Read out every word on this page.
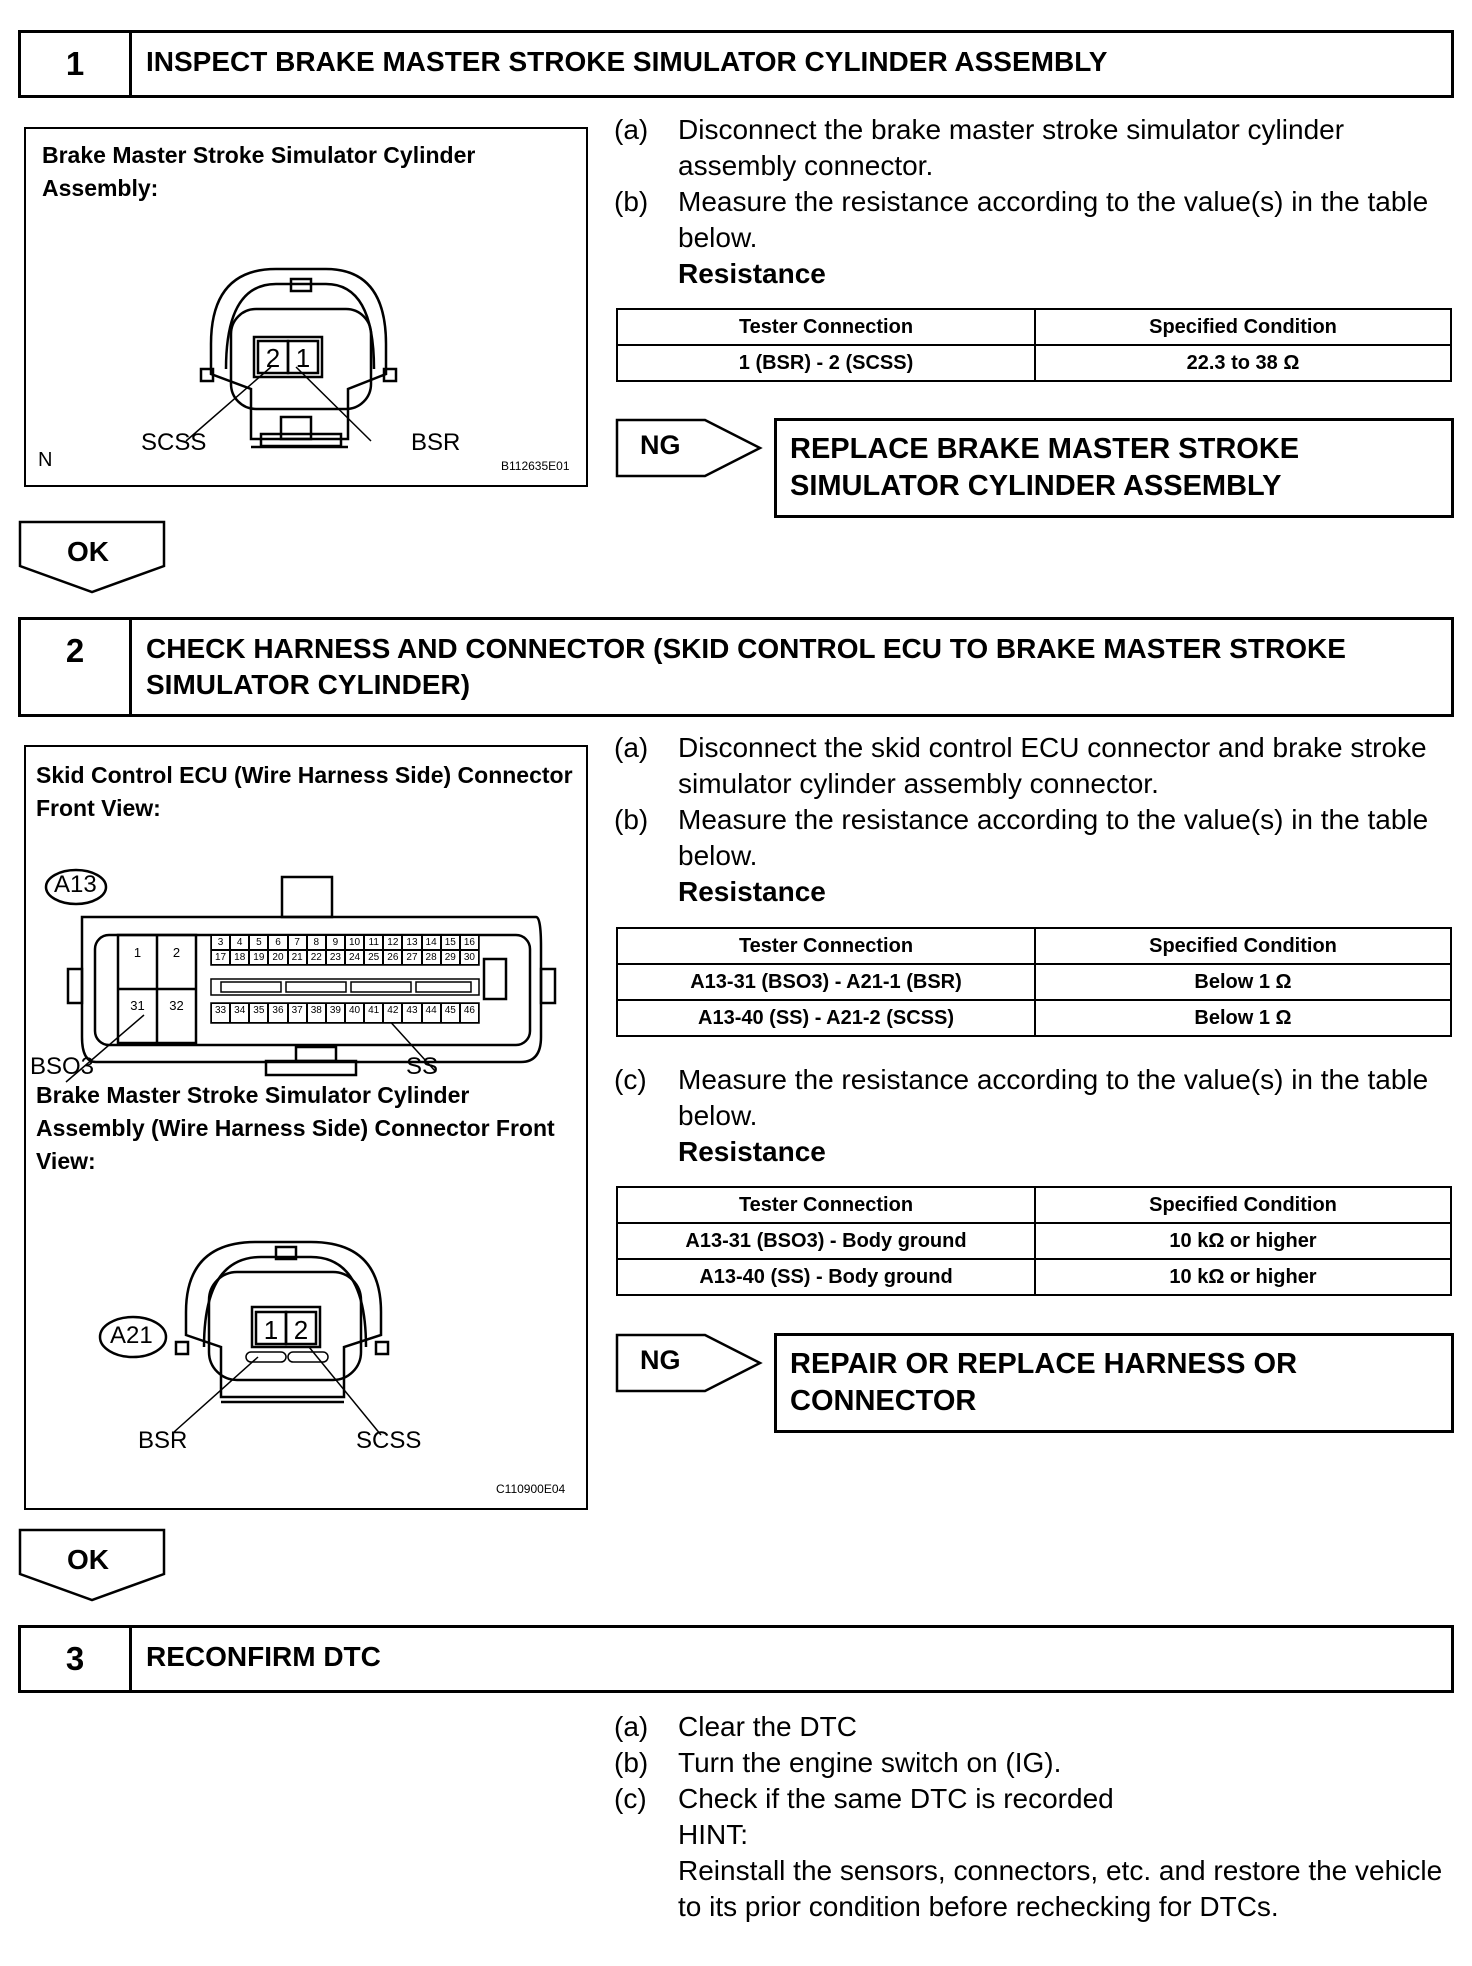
1	INSPECT BRAKE MASTER STROKE SIMULATOR CYLINDER ASSEMBLY
Brake Master Stroke Simulator Cylinder Assembly:
2 1
SCSS	BSR
N	B112635E01
(a)	Disconnect the brake master stroke simulator cylinder assembly connector.
(b)	Measure the resistance according to the value(s) in the table below.
Resistance
Tester Connection	Specified Condition
1 (BSR) - 2 (SCSS)	22.3 to 38 Ω
NG	REPLACE BRAKE MASTER STROKE SIMULATOR CYLINDER ASSEMBLY
OK
2	CHECK HARNESS AND CONNECTOR (SKID CONTROL ECU TO BRAKE MASTER STROKE SIMULATOR CYLINDER)
Skid Control ECU (Wire Harness Side) Connector Front View:
1 2
A13
1	2
31	32
3	4	5	6	7	8	9	10 11 12 13 14 15 16
17 18 19 20 21 22 23 24 25 26 27 28 29 30
33 34 35 36 37 38 39 40 41 42 43 44 45 46
BSO3	SS
Brake Master Stroke Simulator Cylinder Assembly (Wire Harness Side) Connector Front View:
A21
BSR	SCSS
C110900E04
(a)	Disconnect the skid control ECU connector and brake stroke simulator cylinder assembly connector.
(b)	Measure the resistance according to the value(s) in the table below.
Resistance
Tester Connection	Specified Condition
A13-31 (BSO3) - A21-1 (BSR)	Below 1 Ω
A13-40 (SS) - A21-2 (SCSS)	Below 1 Ω
(c)	Measure the resistance according to the value(s) in the table below.
Resistance
Tester Connection	Specified Condition
A13-31 (BSO3) - Body ground	10 kΩ or higher
A13-40 (SS) - Body ground	10 kΩ or higher
NG	REPAIR OR REPLACE HARNESS OR CONNECTOR
OK
3	RECONFIRM DTC
(a)	Clear the DTC
(b)	Turn the engine switch on (IG).
(c)	Check if the same DTC is recorded
HINT:
Reinstall the sensors, connectors, etc. and restore the vehicle to its prior condition before rechecking for DTCs.
